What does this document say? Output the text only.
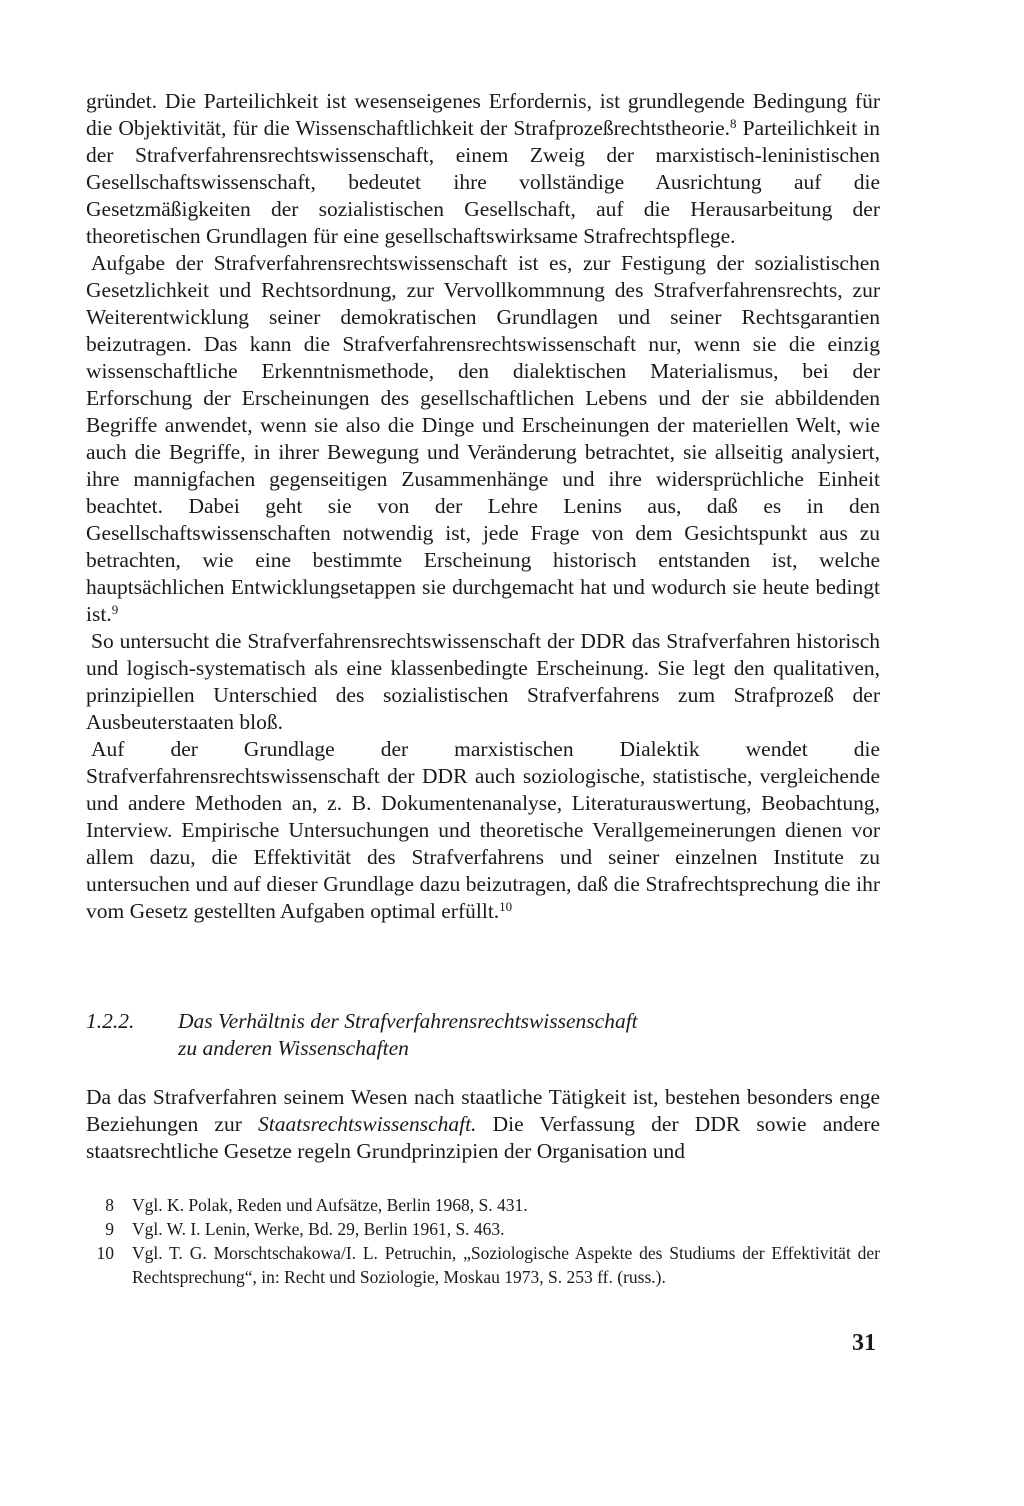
gründet. Die Parteilichkeit ist wesenseigenes Erfordernis, ist grundlegende Bedingung für die Objektivität, für die Wissenschaftlichkeit der Strafprozeßrechtstheorie.$^8$ Parteilichkeit in der Strafverfahrensrechtswissenschaft, einem Zweig der marxistisch-leninistischen Gesellschaftswissenschaft, bedeutet ihre vollständige Ausrichtung auf die Gesetzmäßigkeiten der sozialistischen Gesellschaft, auf die Herausarbeitung der theoretischen Grundlagen für eine gesellschaftswirksame Strafrechtspflege.

Aufgabe der Strafverfahrensrechtswissenschaft ist es, zur Festigung der sozialistischen Gesetzlichkeit und Rechtsordnung, zur Vervollkommnung des Strafverfahrensrechts, zur Weiterentwicklung seiner demokratischen Grundlagen und seiner Rechtsgarantien beizutragen. Das kann die Strafverfahrensrechtswissenschaft nur, wenn sie die einzig wissenschaftliche Erkenntnismethode, den dialektischen Materialismus, bei der Erforschung der Erscheinungen des gesellschaftlichen Lebens und der sie abbildenden Begriffe anwendet, wenn sie also die Dinge und Erscheinungen der materiellen Welt, wie auch die Begriffe, in ihrer Bewegung und Veränderung betrachtet, sie allseitig analysiert, ihre mannigfachen gegenseitigen Zusammenhänge und ihre widersprüchliche Einheit beachtet. Dabei geht sie von der Lehre Lenins aus, daß es in den Gesellschaftswissenschaften notwendig ist, jede Frage von dem Gesichtspunkt aus zu betrachten, wie eine bestimmte Erscheinung historisch entstanden ist, welche hauptsächlichen Entwicklungsetappen sie durchgemacht hat und wodurch sie heute bedingt ist.$^9$

So untersucht die Strafverfahrensrechtswissenschaft der DDR das Strafverfahren historisch und logisch-systematisch als eine klassenbedingte Erscheinung. Sie legt den qualitativen, prinzipiellen Unterschied des sozialistischen Strafverfahrens zum Strafprozeß der Ausbeuterstaaten bloß.

Auf der Grundlage der marxistischen Dialektik wendet die Strafverfahrensrechtswissenschaft der DDR auch soziologische, statistische, vergleichende und andere Methoden an, z. B. Dokumentenanalyse, Literaturauswertung, Beobachtung, Interview. Empirische Untersuchungen und theoretische Verallgemeinerungen dienen vor allem dazu, die Effektivität des Strafverfahrens und seiner einzelnen Institute zu untersuchen und auf dieser Grundlage dazu beizutragen, daß die Strafrechtsprechung die ihr vom Gesetz gestellten Aufgaben optimal erfüllt.$^{10}$

1.2.2. Das Verhältnis der Strafverfahrensrechtswissenschaft
zu anderen Wissenschaften

Da das Strafverfahren seinem Wesen nach staatliche Tätigkeit ist, bestehen besonders enge Beziehungen zur Staatsrechtswissenschaft. Die Verfassung der DDR sowie andere staatsrechtliche Gesetze regeln Grundprinzipien der Organisation und

8	Vgl. K. Polak, Reden und Aufsätze, Berlin 1968, S. 431.
9	Vgl. W. I. Lenin, Werke, Bd. 29, Berlin 1961, S. 463.
10	Vgl. T. G. Morschtschakowa/I. L. Petruchin, „Soziologische Aspekte des Studiums der Effektivität der Rechtsprechung“, in: Recht und Soziologie, Moskau 1973, S. 253 ff. (russ.).
31
